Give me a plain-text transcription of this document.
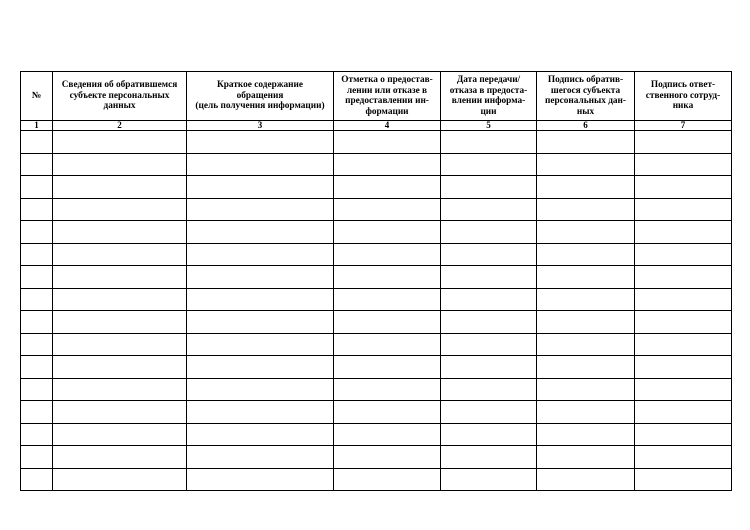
№	Сведения об обратившемся
субъекте персональных
данных	Краткое содержание
обращения
(цель получения информации)	Отметка о предостав-
лении или отказе в
предоставлении ин-
формации	Дата передачи/
отказа в предоста-
влении информа-
ции	Подпись обратив-
шегося субъекта
персональных дан-
ных	Подпись ответ-
ственного сотруд-
ника
1	2	3	4	5	6	7
